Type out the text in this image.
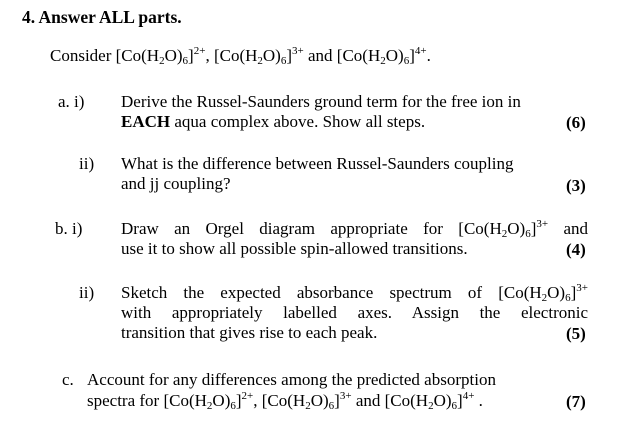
4. Answer ALL parts.
Consider $[Co(H_2O)_6]^{2+}$, $[Co(H_2O)_6]^{3+}$ and $[Co(H_2O)_6]^{4+}$.
a. i) Derive the Russel-Saunders ground term for the free ion in
EACH aqua complex above. Show all steps.	(6)
ii) What is the difference between Russel-Saunders coupling
and jj coupling?	(3)
b. i) Draw an Orgel diagram appropriate for $[Co(H_2O)_6]^{3+}$ and
use it to show all possible spin-allowed transitions.	(4)
ii) Sketch the expected absorbance spectrum of $[Co(H_2O)_6]^{3+}$
with appropriately labelled axes. Assign the electronic
transition that gives rise to each peak.	(5)
c. Account for any differences among the predicted absorption
spectra for $[Co(H_2O)_6]^{2+}$, $[Co(H_2O)_6]^{3+}$ and $[Co(H_2O)_6]^{4+}$ .	(7)
